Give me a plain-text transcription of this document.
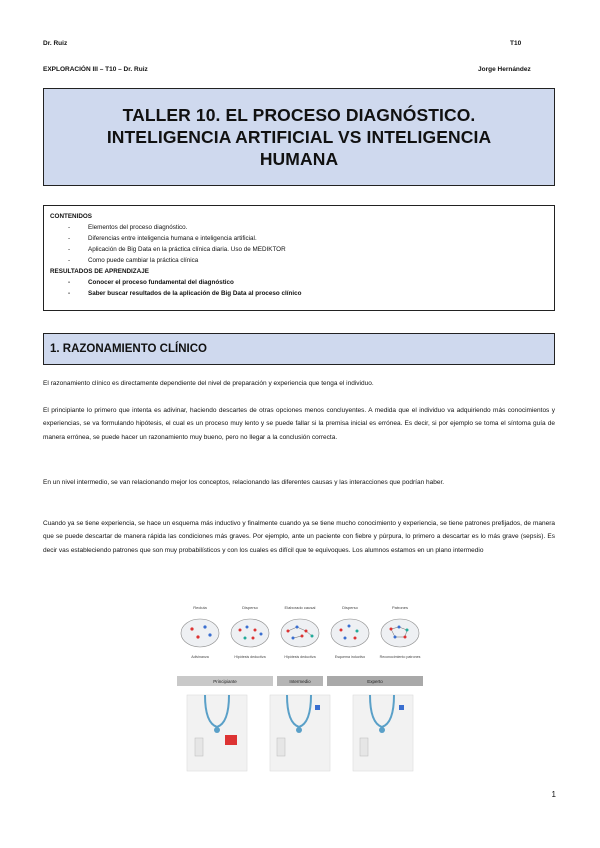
Dr. Ruiz	T10
EXPLORACIÓN III – T10 – Dr. Ruiz	Jorge Hernández
TALLER 10. EL PROCESO DIAGNÓSTICO.
INTELIGENCIA ARTIFICIAL VS INTELIGENCIA
HUMANA
CONTENIDOS
- Elementos del proceso diagnóstico.
- Diferencias entre inteligencia humana e inteligencia artificial.
- Aplicación de Big Data en la práctica clínica diaria. Uso de MEDIKTOR
- Como puede cambiar la práctica clínica
RESULTADOS DE APRENDIZAJE
- Conocer el proceso fundamental del diagnóstico
- Saber buscar resultados de la aplicación de Big Data al proceso clínico
1. RAZONAMIENTO CLÍNICO
El razonamiento clínico es directamente dependiente del nivel de preparación y experiencia que tenga el individuo.
El principiante lo primero que intenta es adivinar, haciendo descartes de otras opciones menos concluyentes. A medida que el individuo va adquiriendo más conocimientos y experiencias, se va formulando hipótesis, el cual es un proceso muy lento y se puede fallar si la premisa inicial es errónea. Es decir, si por ejemplo se toma el síntoma guía de manera errónea, se puede hacer un razonamiento muy bueno, pero no llegar a la conclusión correcta.
En un nivel intermedio, se van relacionando mejor los conceptos, relacionando las diferentes causas y las interacciones que podrían haber.
Cuando ya se tiene experiencia, se hace un esquema más inductivo y finalmente cuando ya se tiene mucho conocimiento y experiencia, se tiene patrones prefijados, de manera que se puede descartar de manera rápida las condiciones más graves. Por ejemplo, ante un paciente con fiebre y púrpura, lo primero a descartar es lo más grave (sepsis). Es decir vas estableciendo patrones que son muy probabilísticos y con los cuales es difícil que te equivoques. Los alumnos estamos en un plano intermedio
Recluta	Disperso	Elaborado causal	Disperso	Patrones
Adivinanza	Hipótesis deductiva	Hipótesis deductiva	Esquema inductivo	Reconocimiento patrones
Principiante	Intermedio	Experto
1
